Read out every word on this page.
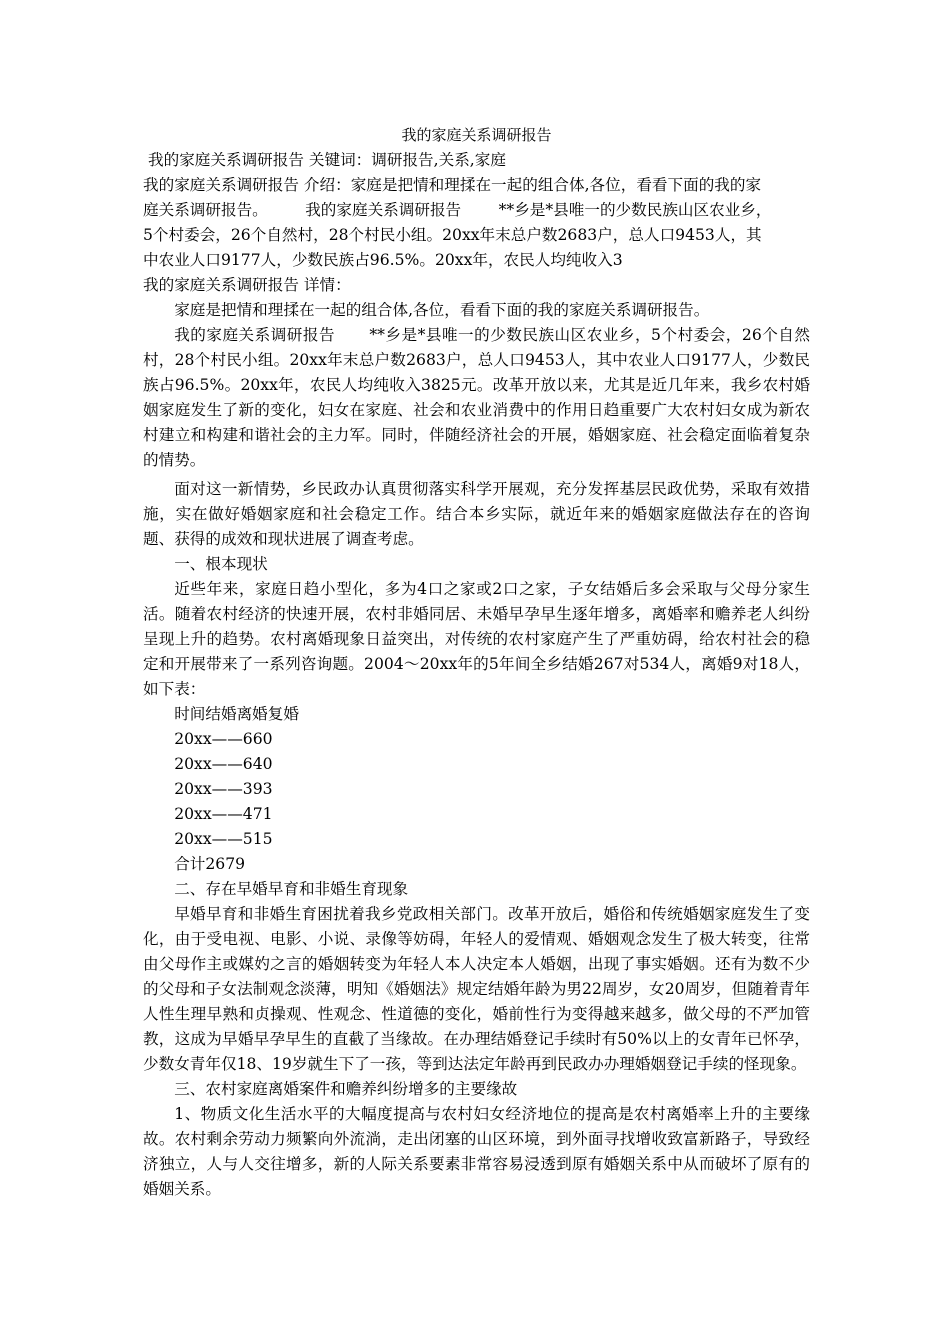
我的家庭关系调研报告

我的家庭关系调研报告 关键词：调研报告,关系,家庭

我的家庭关系调研报告 介绍：家庭是把情和理揉在一起的组合体,各位，看看下面的我的家

庭关系调研报告。 我的家庭关系调研报告 **乡是*县唯一的少数民族山区农业乡，

5个村委会，26个自然村，28个村民小组。20xx年末总户数2683户，总人口9453人，其

中农业人口9177人，少数民族占96.5%。20xx年，农民人均纯收入3

我的家庭关系调研报告 详情：

家庭是把情和理揉在一起的组合体,各位，看看下面的我的家庭关系调研报告。

我的家庭关系调研报告 **乡是*县唯一的少数民族山区农业乡，5个村委会，26个自然村，28个村民小组。20xx年末总户数2683户，总人口9453人，其中农业人口9177人，少数民族占96.5%。20xx年，农民人均纯收入3825元。改革开放以来，尤其是近几年来，我乡农村婚姻家庭发生了新的变化，妇女在家庭、社会和农业消费中的作用日趋重要广大农村妇女成为新农村建立和构建和谐社会的主力军。同时，伴随经济社会的开展，婚姻家庭、社会稳定面临着复杂的情势。

面对这一新情势，乡民政办认真贯彻落实科学开展观，充分发挥基层民政优势，采取有效措施，实在做好婚姻家庭和社会稳定工作。结合本乡实际，就近年来的婚姻家庭做法存在的咨询题、获得的成效和现状进展了调查考虑。

一、根本现状

近些年来，家庭日趋小型化，多为4口之家或2口之家，子女结婚后多会采取与父母分家生活。随着农村经济的快速开展，农村非婚同居、未婚早孕早生逐年增多，离婚率和赡养老人纠纷呈现上升的趋势。农村离婚现象日益突出，对传统的农村家庭产生了严重妨碍，给农村社会的稳定和开展带来了一系列咨询题。2004～20xx年的5年间全乡结婚267对534人，离婚9对18人，如下表：

时间结婚离婚复婚

20xx——660

20xx——640

20xx——393

20xx——471

20xx——515

合计2679

二、存在早婚早育和非婚生育现象

早婚早育和非婚生育困扰着我乡党政相关部门。改革开放后，婚俗和传统婚姻家庭发生了变化，由于受电视、电影、小说、录像等妨碍，年轻人的爱情观、婚姻观念发生了极大转变，往常由父母作主或媒妁之言的婚姻转变为年轻人本人决定本人婚姻，出现了事实婚姻。还有为数不少的父母和子女法制观念淡薄，明知《婚姻法》规定结婚年龄为男22周岁，女20周岁，但随着青年人性生理早熟和贞操观、性观念、性道德的变化，婚前性行为变得越来越多，做父母的不严加管教，这成为早婚早孕早生的直截了当缘故。在办理结婚登记手续时有50%以上的女青年已怀孕，少数女青年仅18、19岁就生下了一孩，等到达法定年龄再到民政办办理婚姻登记手续的怪现象。

三、农村家庭离婚案件和赡养纠纷增多的主要缘故

1、物质文化生活水平的大幅度提高与农村妇女经济地位的提高是农村离婚率上升的主要缘故。农村剩余劳动力频繁向外流淌，走出闭塞的山区环境，到外面寻找增收致富新路子，导致经济独立，人与人交往增多，新的人际关系要素非常容易浸透到原有婚姻关系中从而破坏了原有的婚姻关系。
